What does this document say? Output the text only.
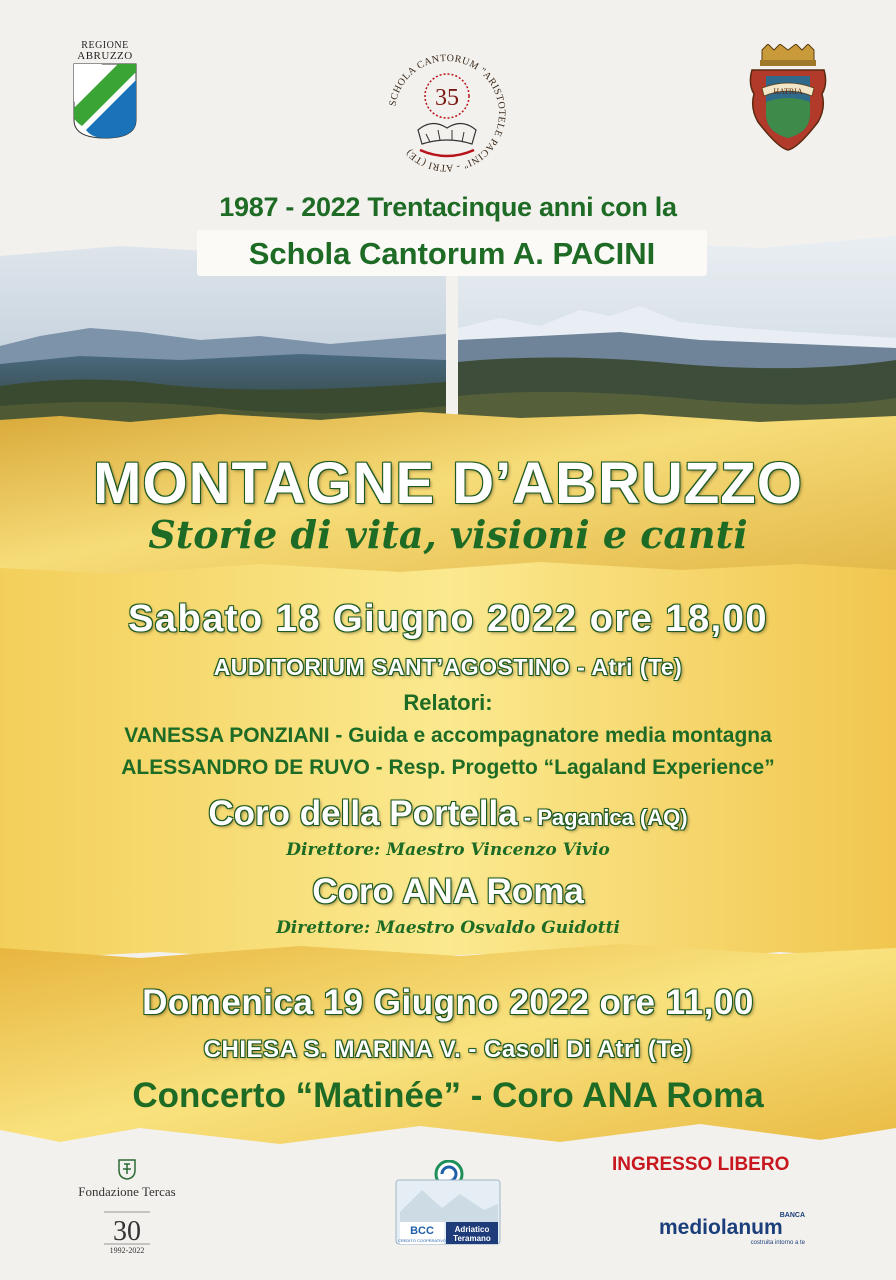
REGIONE
ABRUZZO
SCHOLA CANTORUM "ARISTOTELE PACINI" - ATRI (TE)
35	HATRIA
1987 - 2022 Trentacinque anni con la
Schola Cantorum A. PACINI
MONTAGNE D’ABRUZZO
Storie di vita, visioni e canti
Sabato 18 Giugno 2022 ore 18,00
AUDITORIUM SANT’AGOSTINO - Atri (Te)
Relatori:
VANESSA PONZIANI - Guida e accompagnatore media montagna
ALESSANDRO DE RUVO - Resp. Progetto “Lagaland Experience”
Coro della Portella - Paganica (AQ)
Direttore: Maestro Vincenzo Vivio
Coro ANA Roma
Direttore: Maestro Osvaldo Guidotti
Domenica 19 Giugno 2022 ore 11,00
CHIESA S. MARINA V. - Casoli Di Atri (Te)
Concerto “Matinée” - Coro ANA Roma
INGRESSO LIBERO
Fondazione Tercas
30
1992-2022
BCC
CREDITO COOPERATIVO
Adriatico
Teramano
BANCA
mediolanum
costruita intorno a te
